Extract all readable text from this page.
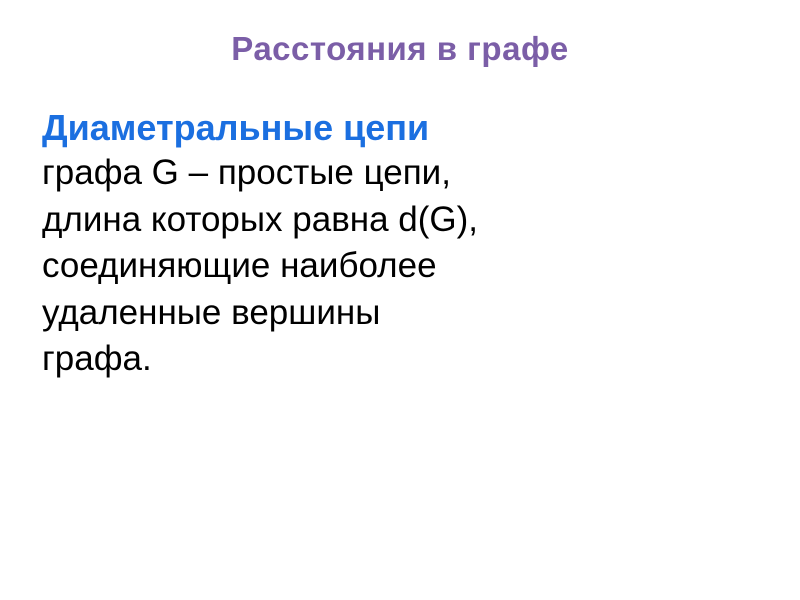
Расстояния в графе
Диаметральные цепи
графа G – простые цепи,
длина которых равна d(G),
соединяющие наиболее
удаленные вершины
графа.
